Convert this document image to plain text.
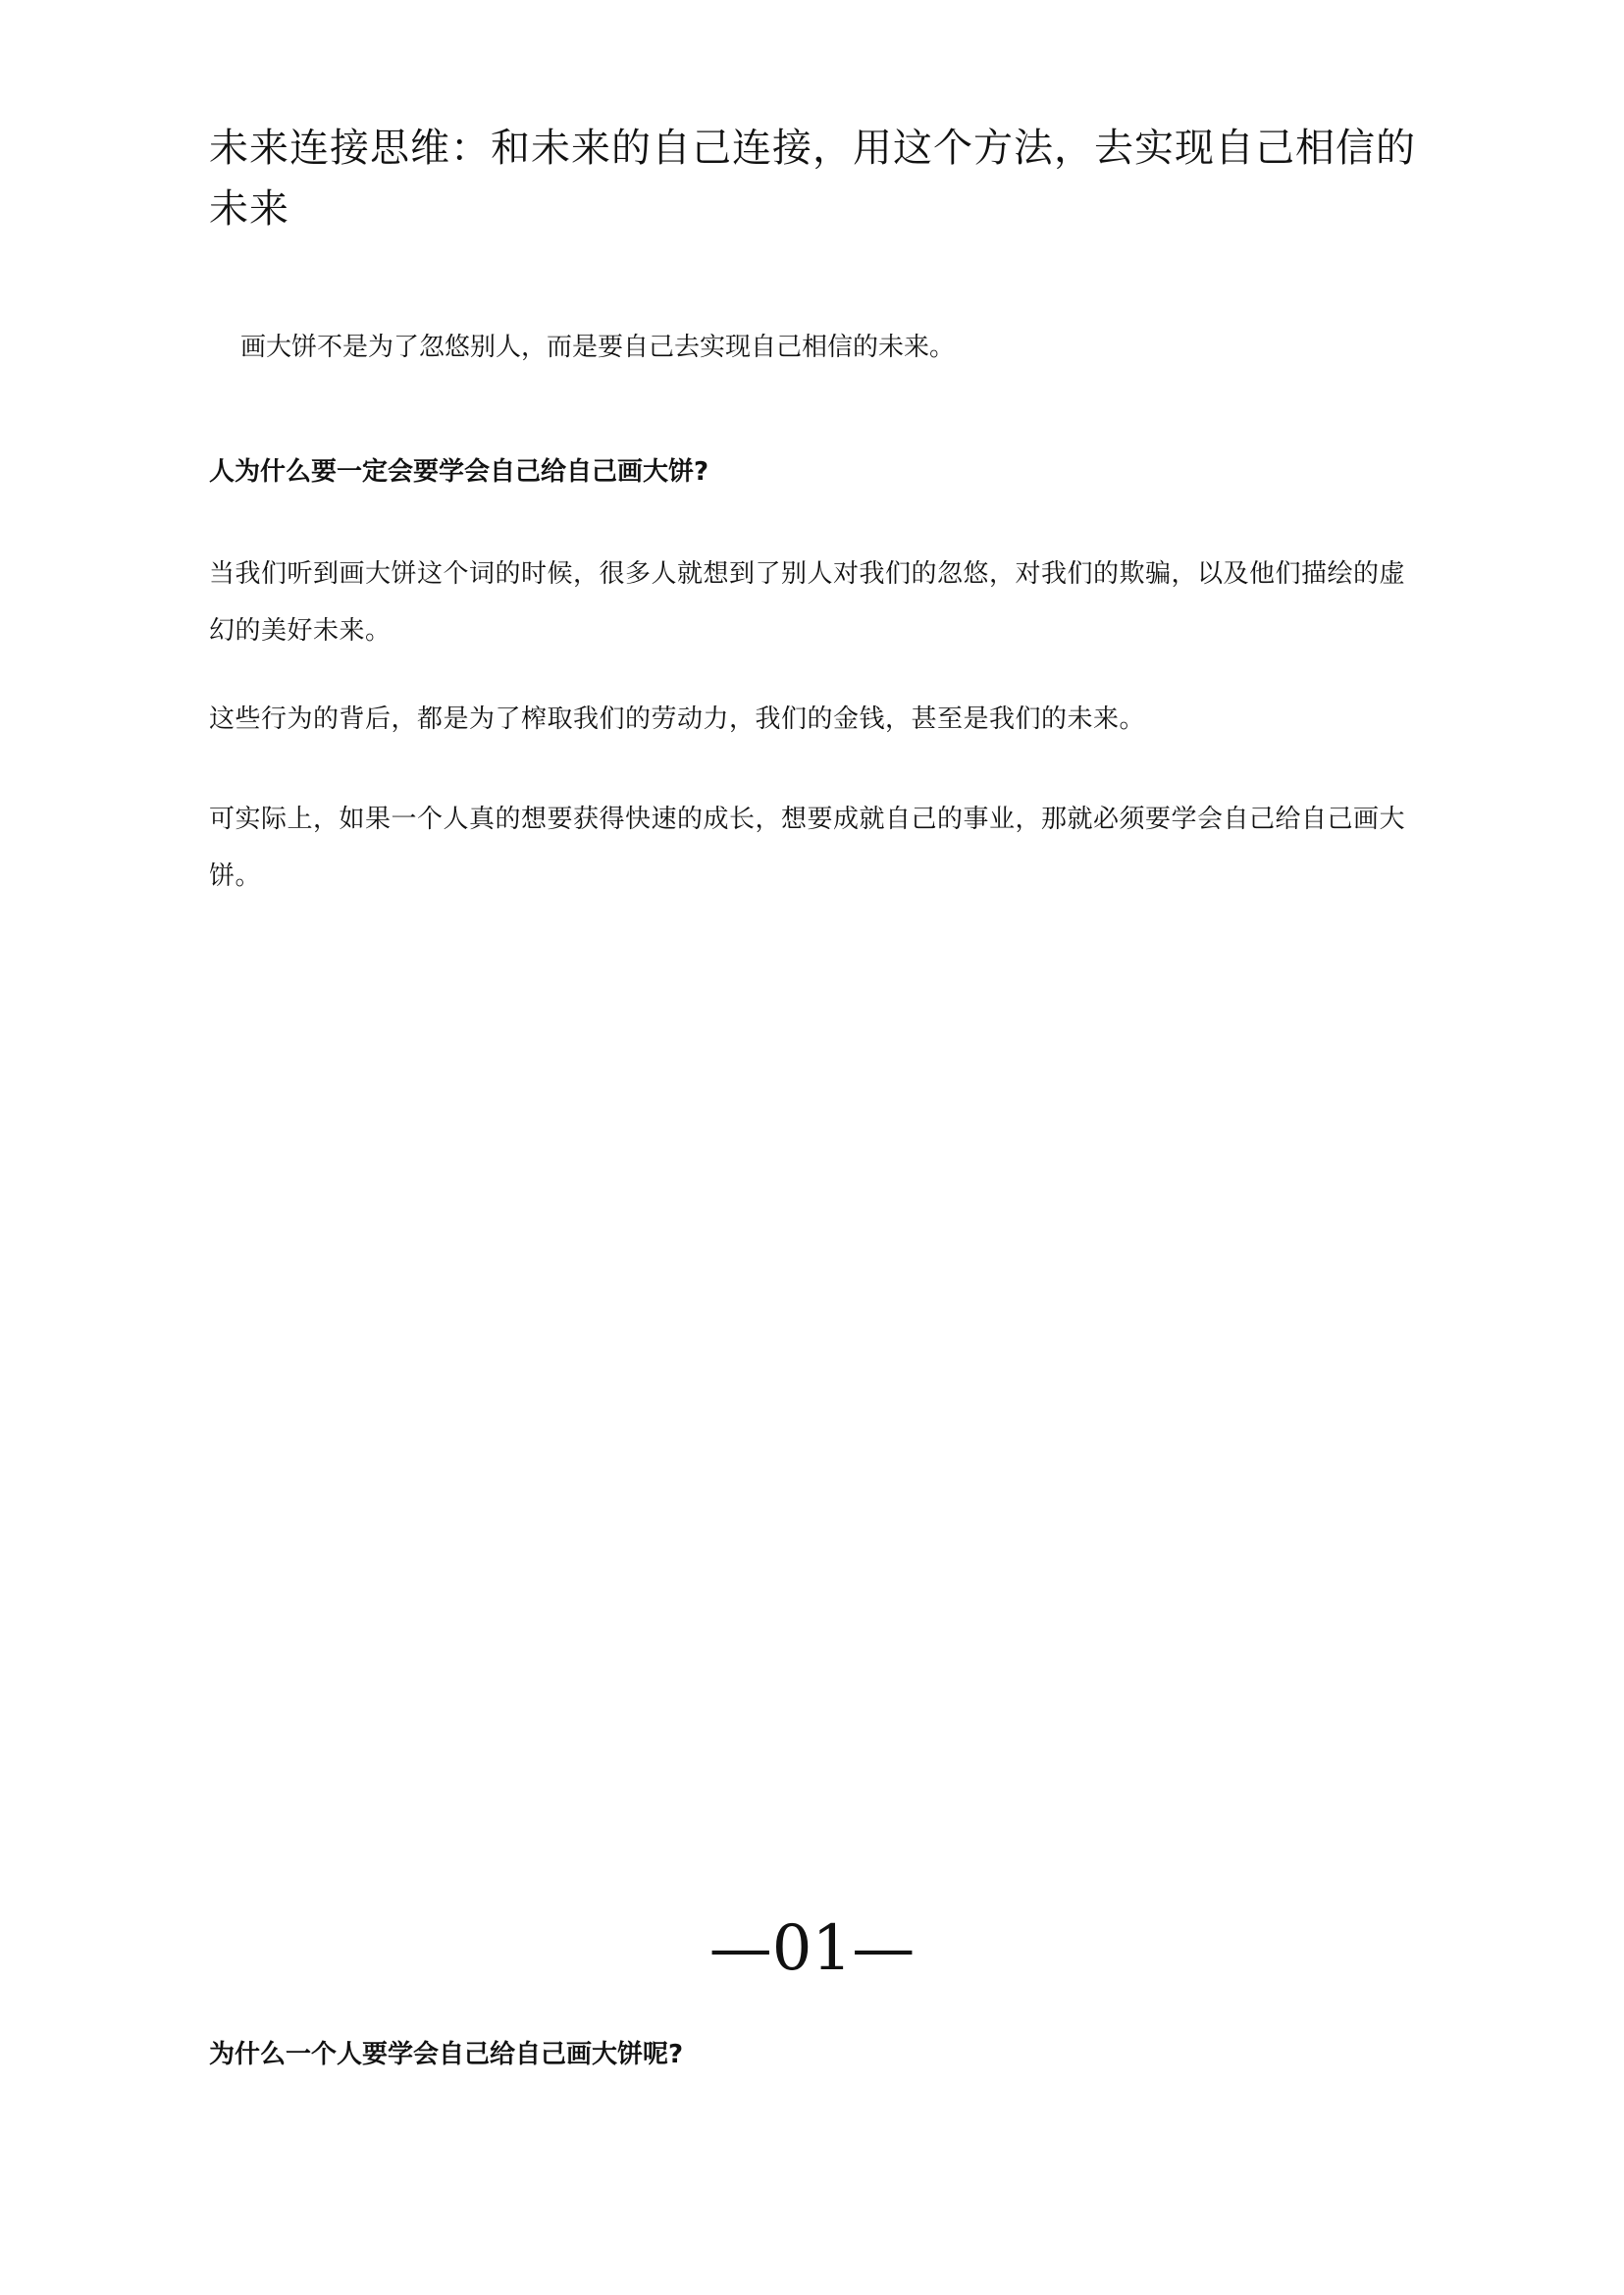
未来连接思维：和未来的自己连接，用这个方法，去实现自己相信的未来

画大饼不是为了忽悠别人，而是要自己去实现自己相信的未来。

人为什么要一定会要学会自己给自己画大饼?

当我们听到画大饼这个词的时候，很多人就想到了别人对我们的忽悠，对我们的欺骗，以及他们描绘的虚幻的美好未来。

这些行为的背后，都是为了榨取我们的劳动力，我们的金钱，甚至是我们的未来。

可实际上，如果一个人真的想要获得快速的成长，想要成就自己的事业，那就必须要学会自己给自己画大饼。

—01—
为什么一个人要学会自己给自己画大饼呢?
